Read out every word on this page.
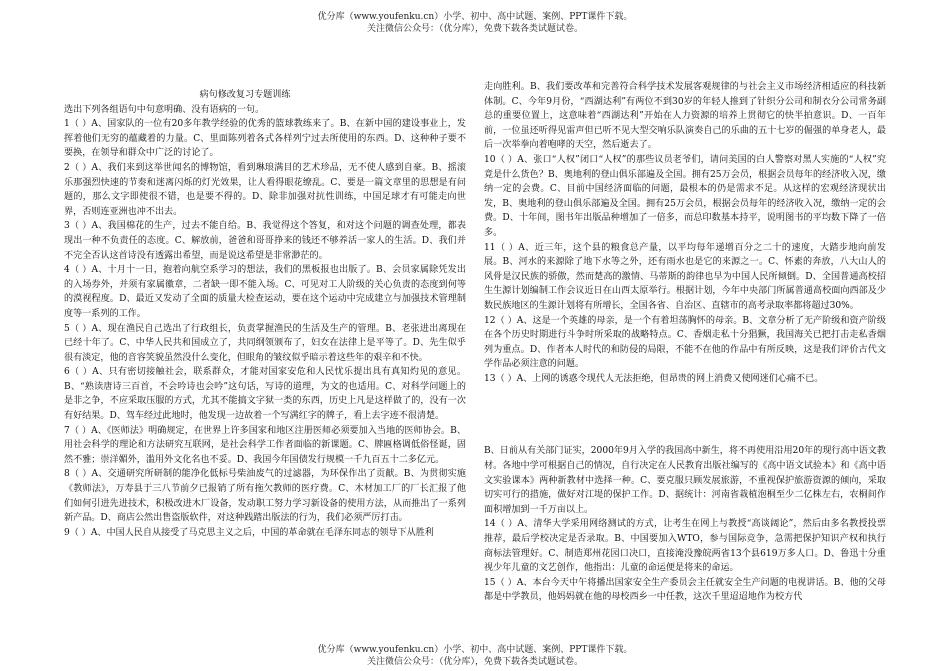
优分库（www.youfenku.cn）小学、初中、高中试题、案例、PPT课件下载。
关注微信公众号：（优分库），免费下载各类试题试卷。
病句修改复习专题训练

选出下列各组语句中句意明确、没有语病的一句。

1（ ）A、国家队的一位有20多年教学经验的优秀的篮球教练来了。B、在新中国的建设事业上，发挥着他们无穷的蕴藏着的力量。C、里面陈列着各式各样列宁过去所使用的东西。D、这种种子要不要换，在领导和群众中广泛的讨论了。

2（ ）A、我们来到这举世闻名的博物馆，看到琳琅满目的艺术珍品，无不使人感到自豪。B、摇滚乐那强烈快速的节奏和迷离闪烁的灯光效果，让人看得眼花缭乱。C、要是一篇文章里的思想是有问题的，那么文字即使很不错，也是要不得的。D、除非加强对抗性训练，中国足球才有可能走向世界，否则连亚洲也冲不出去。

3（ ）A、我国棉花的生产，过去不能自给。B、我觉得这个答复，和对这个问题的调查处理，都表现出一种不负责任的态度。C、解放前，爸爸和哥哥挣来的钱还不够养活一家人的生活。D、我们并不完全否认这首诗没有透露出希望，而是说这希望是非常渺茫的。

4（ ）A、十月十一日，抱着向航空系学习的想法，我们的黑板报也出版了。B、会员家属除凭发出的入场券外，并须有家属徽章，二者缺一即不能入场。C、可见对工人阶级的关心负责的态度到何等的漠视程度。D、最近又发动了全面的质量大检查运动，要在这个运动中完成建立与加强技术管理制度等一系列的工作。

5（ ）A、现在渔民自己选出了行政组长，负责掌握渔民的生活及生产的管理。B、老张进出离现在已经十年了。C、中华人民共和国成立了，共同纲领颁布了，妇女在法律上是平等了。D、先生似乎很有淡定，他的音容笑貌虽然没什么变化，但眼角的皱纹似乎暗示着这些年的艰辛和不快。

6（ ）A、只有密切接触社会，联系群众，才能对国家安危和人民忧乐提出具有真知灼见的意见。B、“熟读唐诗三百首，不会吟诗也会吟”这句话，写诗的道理，为文的也适用。C、对科学问题上的是非之争，不应采取压服的方式，尤其不能搞文字狱一类的东西，历史上凡是这样做了的，没有一次有好结果。D、驾车经过此地时，他发现一边故着一个写满红字的牌子，看上去字迹不很清楚。

7（ ）A、《医师法》明确规定，在世界上许多国家和地区注册医师必须要加入当地的医师协会。B、用社会科学的理论和方法研究互联网，是社会科学工作者面临的新课题。C、牌匾格调低俗怪诞，固然不雅；崇洋媚外，滥用外文化名也不妥。D、我国今年国债发行规模一千九百五十二多亿元。

8（ ）A、交通研究所研制的能净化低标号柴油废气的过滤器，为环保作出了贡献。B、为贯彻实施《教师法》，万寿县于三八节前夕已报销了所有拖欠教师的医疗费。C、木材加工厂的厂长汇报了他们如何引进先进技术，积极改进木厂设备，发动职工努力学习新设备的使用方法，从而推出了一系列新产品。D、商店公然出售盗版软件，对这种践踏出版法的行为，我们必须严厉打击。

9（ ）A、中国人民自从接受了马克思主义之后，中国的革命就在毛泽东同志的领导下从胜利

走向胜利。B、我们要改革和完善符合科学技术发展客观规律的与社会主义市场经济相适应的科技新体制。C、今年9月份，“西湖达利”有两位不到30岁的年轻人推到了针织分公司和制衣分公司常务副总的重要位置上，这意味着“西湖达利”开始在人力资源的培养上贯彻它的快半拍意识。D、一百年前，一位虽还听得见雷声但已听不见大型交响乐队演奏自己的乐曲的五十七岁的倔强的单身老人，最后一次举拳向着咆哮的天空，然后逝去了。

10（ ）A、张口“人权”闭口“人权”的那些议员老爷们，请问美国的白人警察对黑人实施的“人权”究竟是什么货色？B、奥地利的登山俱乐部遍及全国。拥有25万会员，根据会员每年的经济收入况，缴纳一定的会费。C、目前中国经济面临的问题，最根本的仍是需求不足。从这样的宏观经济现状出发，B、奥地利的登山俱乐部遍及全国。拥有25万会员，根据会员每年的经济收入况，缴纳一定的会费。D、十年间，图书年出版品种增加了一倍多，而总印数基本持平，说明图书的平均数下降了一倍多。

11（ ）A、近三年，这个县的粮食总产量，以平均每年递增百分之二十的速度，大踏步地向前发展。B、河水的来源除了地下水等之外，还有雨水也是它的来源之一。C、怀素的奔放，八大山人的风骨是汉民族的骄傲，然而楚高的激情、马蒂斯的韵律也早为中国人民所倾倒。D、全国普通高校招生生源计划编制工作会议近日在山西太原举行。根据计划，今年中央部门所属普通高校面向西部及少数民族地区的生源计划将有所增长，全国各省、自治区、直辖市的高考录取率都将超过30%。

12（ ）A、这是一个英雄的母亲，是一个有着坦荡胸怀的母亲。B、文章分析了无产阶级和资产阶级在各个历史时期进行斗争时所采取的战略特点。C、香烟走私十分猖獗，我国海关已把打击走私香烟列为重点。D、作者本人时代的和防侵的局限，不能不在他的作品中有所反映，这是我们评价古代文学作品必须注意的问题。

13（ ）A、上网的诱惑令现代人无法拒绝，但昂贵的网上消费又使网迷们心痛不已。

B、日前从有关部门证实，2000年9月入学的我国高中新生，将不再使用沿用20年的现行高中语文教材。各地中学可根据自己的情况，自行决定在人民教育出版社编写的《高中语文试验本》和《高中语文实验课本》两种新教材中选择一种。C、要克服只顾发展旅游，不重视保护旅游资源的倾向，采取切实可行的措施，做好对江堤的保护工作。D、据统计：河南省栽植泡桐至少二亿株左右，农桐间作面积增加到一千万亩以上。

14（ ）A、清华大学采用网络测试的方式，让考生在网上与教授“高谈阔论”，然后由多名教授投票推荐，最后学校决定是否录取。B、中国要加入WTO，参与国际竞争，急需把保护知识产权和执行商标法管理好。C、制造郑州花园口决口，直接淹没豫皖两省13个县619万多人口。D、鲁迅十分重视少年儿童的文艺创作，他指出：儿童的命运便是将来的命运。

15（ ）A、本台今天中午将播出国家安全生产委员会主任就安全生产问题的电视讲话。B、他的父母都是中学教员，他妈妈就在他的母校西乡一中任教，这次千里迢迢地作为校方代

优分库（www.youfenku.cn）小学、初中、高中试题、案例、PPT课件下载。
关注微信公众号：（优分库），免费下载各类试题试卷。
